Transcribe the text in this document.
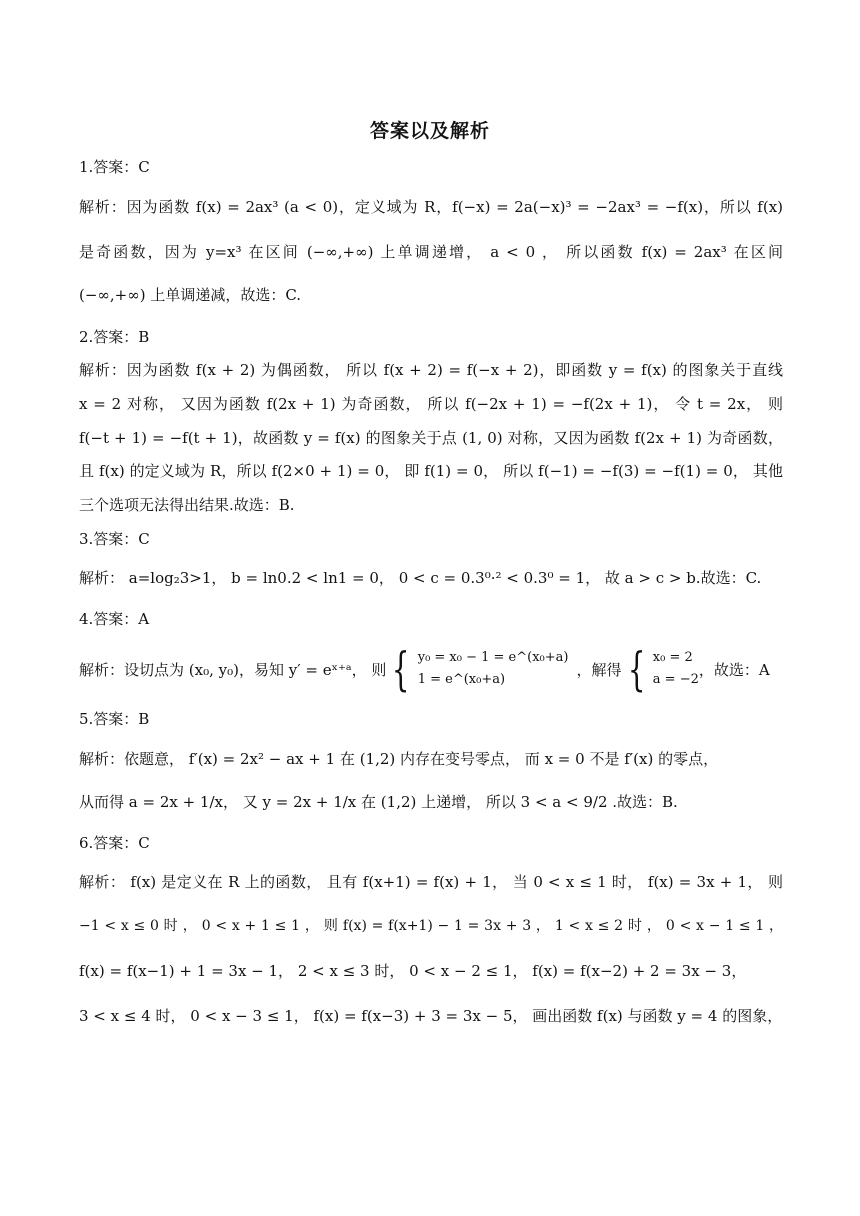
答案以及解析
1.答案：C
解析：因为函数 f(x) = 2ax³ (a < 0)，定义域为 R，f(−x) = 2a(−x)³ = −2ax³ = −f(x)，所以 f(x)
是奇函数，因为 y=x³ 在区间 (−∞,+∞) 上单调递增， a < 0 ， 所以函数 f(x) = 2ax³ 在区间
(−∞,+∞) 上单调递减，故选：C.
2.答案：B
解析：因为函数 f(x + 2) 为偶函数， 所以 f(x + 2) = f(−x + 2)，即函数 y = f(x) 的图象关于直线
x = 2 对称， 又因为函数 f(2x + 1) 为奇函数， 所以 f(−2x + 1) = −f(2x + 1)， 令 t = 2x， 则
f(−t + 1) = −f(t + 1)，故函数 y = f(x) 的图象关于点 (1, 0) 对称，又因为函数 f(2x + 1) 为奇函数，
且 f(x) 的定义域为 R，所以 f(2×0 + 1) = 0， 即 f(1) = 0， 所以 f(−1) = −f(3) = −f(1) = 0， 其他
三个选项无法得出结果.故选：B.
3.答案：C
解析： a=log₂3>1， b = ln0.2 < ln1 = 0， 0 < c = 0.3⁰·² < 0.3⁰ = 1， 故 a > c > b.故选：C.
4.答案：A
解析：设切点为 (x₀, y₀)，易知 y′ = eˣ⁺ᵃ， 则 { y₀ = x₀ − 1 = e^(x₀+a)
1 = e^(x₀+a)
，解得 { x₀ = 2
a = −2
，故选：A
5.答案：B
解析：依题意， f′(x) = 2x² − ax + 1 在 (1,2) 内存在变号零点， 而 x = 0 不是 f′(x) 的零点，
从而得 a = 2x + 1/x， 又 y = 2x + 1/x 在 (1,2) 上递增， 所以 3 < a < 9/2 .故选：B.
6.答案：C
解析： f(x) 是定义在 R 上的函数， 且有 f(x+1) = f(x) + 1， 当 0 < x ≤ 1 时， f(x) = 3x + 1， 则
−1 < x ≤ 0 时 ， 0 < x + 1 ≤ 1 ， 则 f(x) = f(x+1) − 1 = 3x + 3 ， 1 < x ≤ 2 时 ， 0 < x − 1 ≤ 1 ，
f(x) = f(x−1) + 1 = 3x − 1， 2 < x ≤ 3 时， 0 < x − 2 ≤ 1， f(x) = f(x−2) + 2 = 3x − 3，
3 < x ≤ 4 时， 0 < x − 3 ≤ 1， f(x) = f(x−3) + 3 = 3x − 5， 画出函数 f(x) 与函数 y = 4 的图象，
